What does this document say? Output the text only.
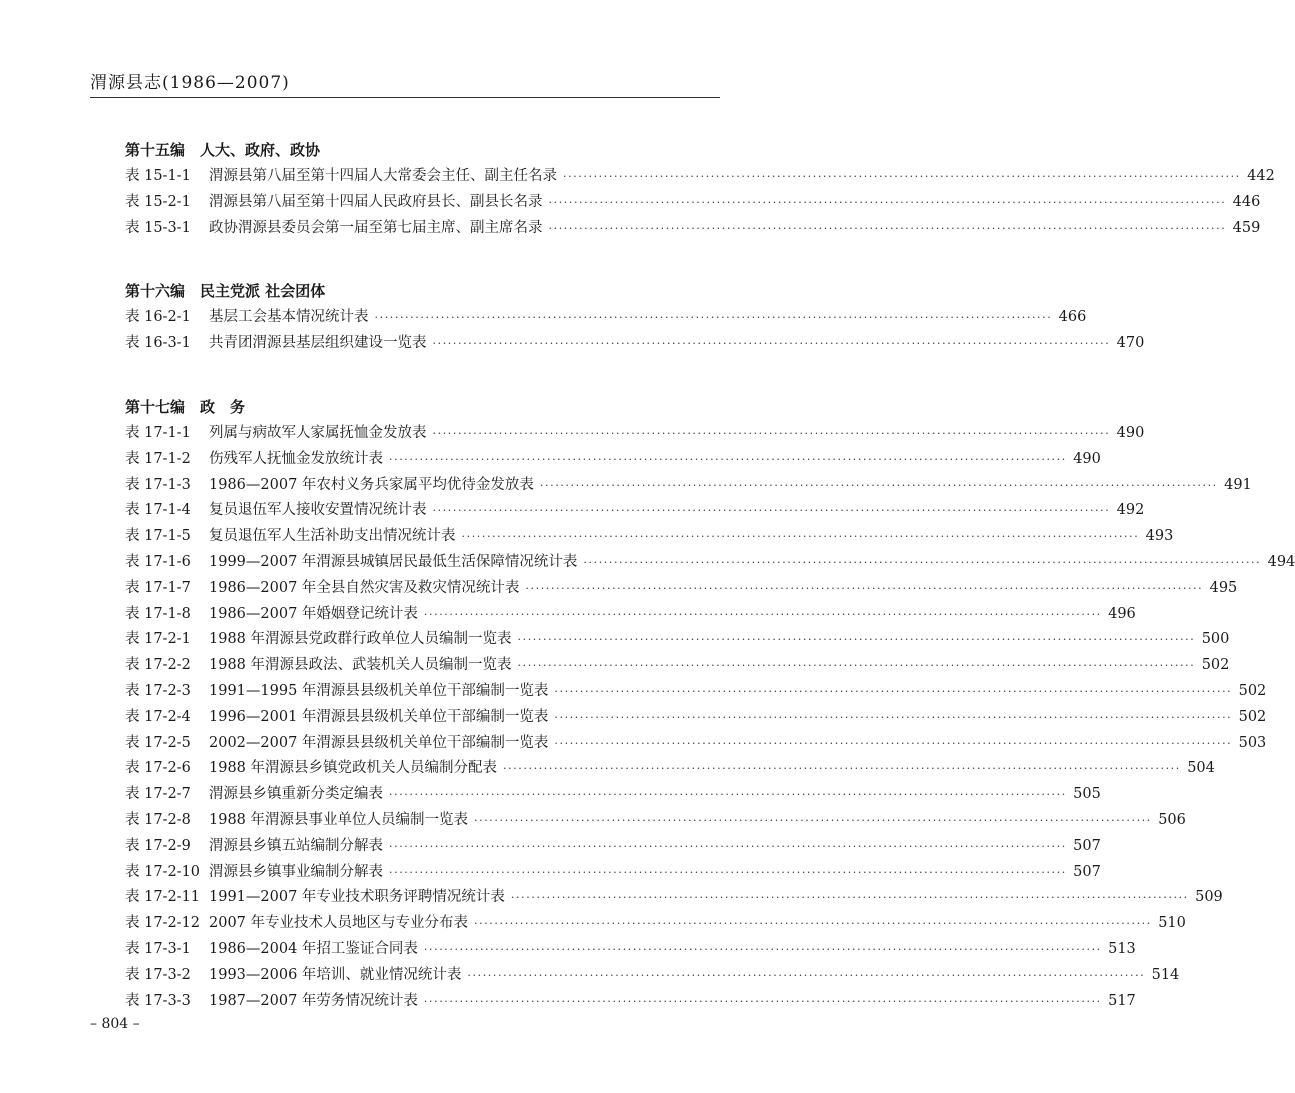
渭源县志(1986—2007)
第十五编　人大、政府、政协
表 15-1-1	渭源县第八届至第十四届人大常委会主任、副主任名录 ·····	442
表 15-2-1	渭源县第八届至第十四届人民政府县长、副县长名录 ·····	446
表 15-3-1	政协渭源县委员会第一届至第七届主席、副主席名录 ·····	459
第十六编　民主党派 社会团体
表 16-2-1	基层工会基本情况统计表 ·····	466
表 16-3-1	共青团渭源县基层组织建设一览表 ·····	470
第十七编　政　务
表 17-1-1	列属与病故军人家属抚恤金发放表 ·····	490
表 17-1-2	伤残军人抚恤金发放统计表 ·····	490
表 17-1-3	1986—2007 年农村义务兵家属平均优待金发放表 ·····	491
表 17-1-4	复员退伍军人接收安置情况统计表 ·····	492
表 17-1-5	复员退伍军人生活补助支出情况统计表 ·····	493
表 17-1-6	1999—2007 年渭源县城镇居民最低生活保障情况统计表 ·····	494
表 17-1-7	1986—2007 年全县自然灾害及救灾情况统计表 ·····	495
表 17-1-8	1986—2007 年婚姻登记统计表 ·····	496
表 17-2-1	1988 年渭源县党政群行政单位人员编制一览表 ·····	500
表 17-2-2	1988 年渭源县政法、武装机关人员编制一览表 ·····	502
表 17-2-3	1991—1995 年渭源县县级机关单位干部编制一览表 ·····	502
表 17-2-4	1996—2001 年渭源县县级机关单位干部编制一览表 ·····	502
表 17-2-5	2002—2007 年渭源县县级机关单位干部编制一览表 ·····	503
表 17-2-6	1988 年渭源县乡镇党政机关人员编制分配表 ·····	504
表 17-2-7	渭源县乡镇重新分类定编表 ·····	505
表 17-2-8	1988 年渭源县事业单位人员编制一览表 ·····	506
表 17-2-9	渭源县乡镇五站编制分解表 ·····	507
表 17-2-10 渭源县乡镇事业编制分解表 ·····	507
表 17-2-11 1991—2007 年专业技术职务评聘情况统计表 ·····	509
表 17-2-12 2007 年专业技术人员地区与专业分布表 ·····	510
表 17-3-1	1986—2004 年招工鉴证合同表 ·····	513
表 17-3-2	1993—2006 年培训、就业情况统计表 ·····	514
表 17-3-3	1987—2007 年劳务情况统计表 ·····	517
– 804 –
